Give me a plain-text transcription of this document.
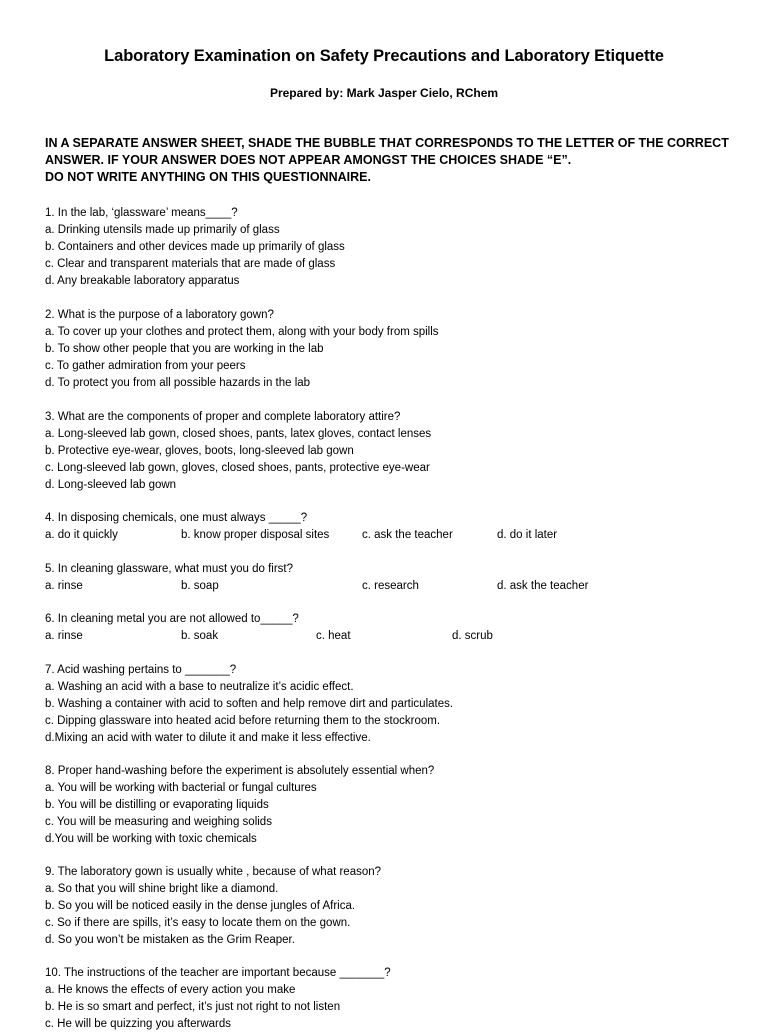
Laboratory Examination on Safety Precautions and Laboratory Etiquette
Prepared by: Mark Jasper Cielo, RChem
IN A SEPARATE ANSWER SHEET, SHADE THE BUBBLE THAT CORRESPONDS TO THE LETTER OF THE CORRECT
ANSWER. IF YOUR ANSWER DOES NOT APPEAR AMONGST THE CHOICES SHADE “E”.
DO NOT WRITE ANYTHING ON THIS QUESTIONNAIRE.
1. In the lab, ‘glassware’ means____?
a. Drinking utensils made up primarily of glass
b. Containers and other devices made up primarily of glass
c. Clear and transparent materials that are made of glass
d. Any breakable laboratory apparatus
2. What is the purpose of a laboratory gown?
a. To cover up your clothes and protect them, along with your body from spills
b. To show other people that you are working in the lab
c. To gather admiration from your peers
d. To protect you from all possible hazards in the lab
3. What are the components of proper and complete laboratory attire?
a. Long-sleeved lab gown, closed shoes, pants, latex gloves, contact lenses
b. Protective eye-wear, gloves, boots, long-sleeved lab gown
c. Long-sleeved lab gown, gloves, closed shoes, pants, protective eye-wear
d. Long-sleeved lab gown
4. In disposing chemicals, one must always _____?
a. do it quickly	b. know proper disposal sites	c. ask the teacher	d. do it later
5. In cleaning glassware, what must you do first?
a. rinse	b. soap	c. research	d. ask the teacher
6. In cleaning metal you are not allowed to_____?
a. rinse	b. soak	c. heat	d. scrub
7. Acid washing pertains to _______?
a. Washing an acid with a base to neutralize it’s acidic effect.
b. Washing a container with acid to soften and help remove dirt and particulates.
c. Dipping glassware into heated acid before returning them to the stockroom.
d.Mixing an acid with water to dilute it and make it less effective.
8. Proper hand-washing before the experiment is absolutely essential when?
a. You will be working with bacterial or fungal cultures
b. You will be distilling or evaporating liquids
c. You will be measuring and weighing solids
d.You will be working with toxic chemicals
9. The laboratory gown is usually white , because of what reason?
a. So that you will shine bright like a diamond.
b. So you will be noticed easily in the dense jungles of Africa.
c. So if there are spills, it’s easy to locate them on the gown.
d. So you won’t be mistaken as the Grim Reaper.
10. The instructions of the teacher are important because _______?
a. He knows the effects of every action you make
b. He is so smart and perfect, it’s just not right to not listen
c. He will be quizzing you afterwards
